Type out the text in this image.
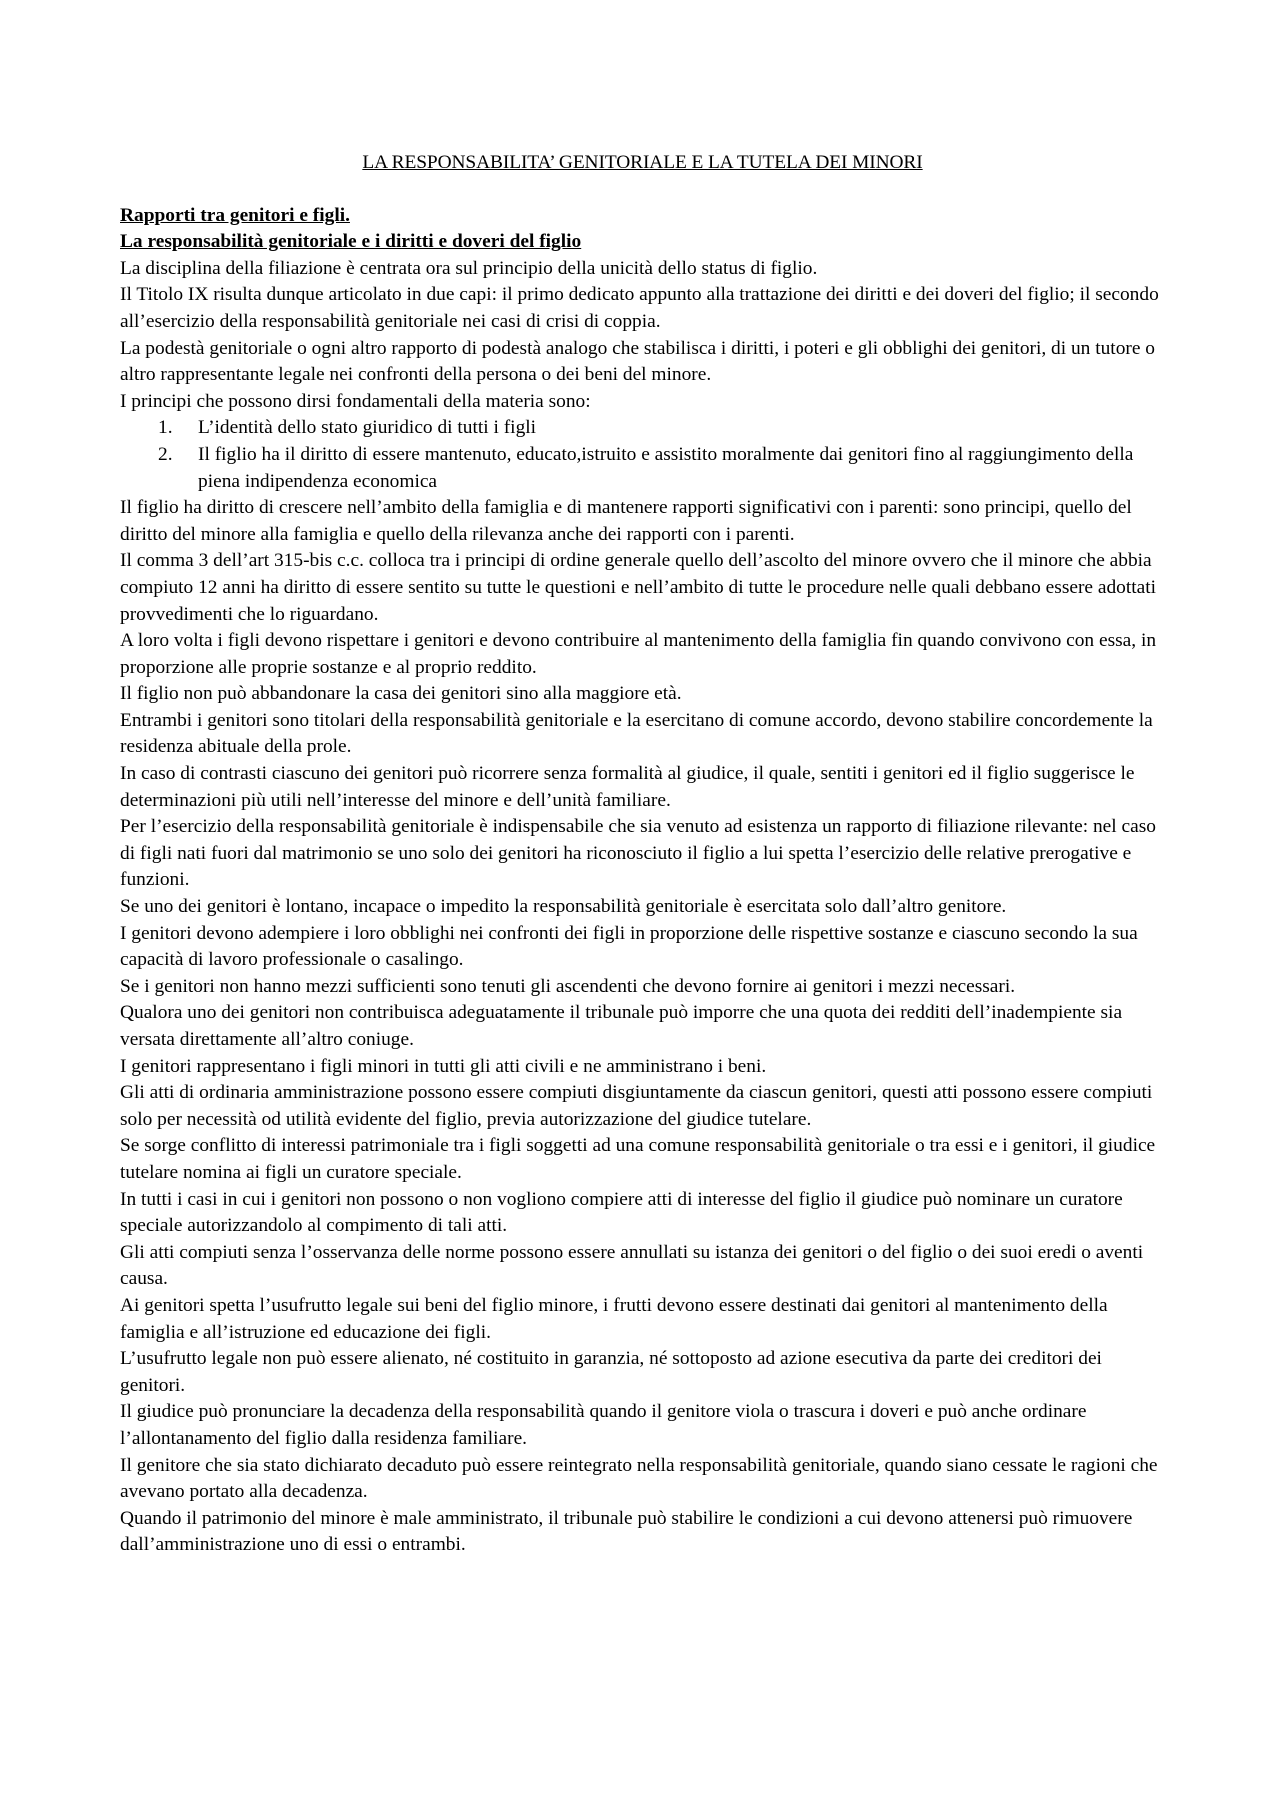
LA RESPONSABILITA’ GENITORIALE E LA TUTELA DEI MINORI
Rapporti tra genitori e figli.
La responsabilità genitoriale e i diritti e doveri del figlio

La disciplina della filiazione è centrata ora sul principio della unicità dello status di figlio.

Il Titolo IX risulta dunque articolato in due capi: il primo dedicato appunto alla trattazione dei diritti e dei doveri del figlio; il secondo all’esercizio della responsabilità genitoriale nei casi di crisi di coppia.

La podestà genitoriale o ogni altro rapporto di podestà analogo che stabilisca i diritti, i poteri e gli obblighi dei genitori, di un tutore o altro rappresentante legale nei confronti della persona o dei beni del minore.

I principi che possono dirsi fondamentali della materia sono:

1.	L’identità dello stato giuridico di tutti i figli
2.	Il figlio ha il diritto di essere mantenuto, educato,istruito e assistito moralmente dai genitori fino al raggiungimento della piena indipendenza economica

Il figlio ha diritto di crescere nell’ambito della famiglia e di mantenere rapporti significativi con i parenti: sono principi, quello del diritto del minore alla famiglia e quello della rilevanza anche dei rapporti con i parenti.

Il comma 3 dell’art 315-bis c.c. colloca tra i principi di ordine generale quello dell’ascolto del minore ovvero che il minore che abbia compiuto 12 anni ha diritto di essere sentito su tutte le questioni e nell’ambito di tutte le procedure nelle quali debbano essere adottati provvedimenti che lo riguardano.

A loro volta i figli devono rispettare i genitori e devono contribuire al mantenimento della famiglia fin quando convivono con essa, in proporzione alle proprie sostanze e al proprio reddito.

Il figlio non può abbandonare la casa dei genitori sino alla maggiore età.

Entrambi i genitori sono titolari della responsabilità genitoriale e la esercitano di comune accordo, devono stabilire concordemente la residenza abituale della prole.

In caso di contrasti ciascuno dei genitori può ricorrere senza formalità al giudice, il quale, sentiti i genitori ed il figlio suggerisce le determinazioni più utili nell’interesse del minore e dell’unità familiare.

Per l’esercizio della responsabilità genitoriale è indispensabile che sia venuto ad esistenza un rapporto di filiazione rilevante: nel caso di figli nati fuori dal matrimonio se uno solo dei genitori ha riconosciuto il figlio a lui spetta l’esercizio delle relative prerogative e funzioni.

Se uno dei genitori è lontano, incapace o impedito la responsabilità genitoriale è esercitata solo dall’altro genitore.

I genitori devono adempiere i loro obblighi nei confronti dei figli in proporzione delle rispettive sostanze e ciascuno secondo la sua capacità di lavoro professionale o casalingo.

Se i genitori non hanno mezzi sufficienti sono tenuti gli ascendenti che devono fornire ai genitori i mezzi necessari.

Qualora uno dei genitori non contribuisca adeguatamente il tribunale può imporre che una quota dei redditi dell’inadempiente sia versata direttamente all’altro coniuge.

I genitori rappresentano i figli minori in tutti gli atti civili e ne amministrano i beni.

Gli atti di ordinaria amministrazione possono essere compiuti disgiuntamente da ciascun genitori, questi atti possono essere compiuti solo per necessità od utilità evidente del figlio, previa autorizzazione del giudice tutelare.

Se sorge conflitto di interessi patrimoniale tra i figli soggetti ad una comune responsabilità genitoriale o tra essi e i genitori, il giudice tutelare nomina ai figli un curatore speciale.

In tutti i casi in cui i genitori non possono o non vogliono compiere atti di interesse del figlio il giudice può nominare un curatore speciale autorizzandolo al compimento di tali atti.

Gli atti compiuti senza l’osservanza delle norme possono essere annullati su istanza dei genitori o del figlio o dei suoi eredi o aventi causa.

Ai genitori spetta l’usufrutto legale sui beni del figlio minore, i frutti devono essere destinati dai genitori al mantenimento della famiglia e all’istruzione ed educazione dei figli.

L’usufrutto legale non può essere alienato, né costituito in garanzia, né sottoposto ad azione esecutiva da parte dei creditori dei genitori.

Il giudice può pronunciare la decadenza della responsabilità quando il genitore viola o trascura i doveri e può anche ordinare l’allontanamento del figlio dalla residenza familiare.

Il genitore che sia stato dichiarato decaduto può essere reintegrato nella responsabilità genitoriale, quando siano cessate le ragioni che avevano portato alla decadenza.

Quando il patrimonio del minore è male amministrato, il tribunale può stabilire le condizioni a cui devono attenersi può rimuovere dall’amministrazione uno di essi o entrambi.
